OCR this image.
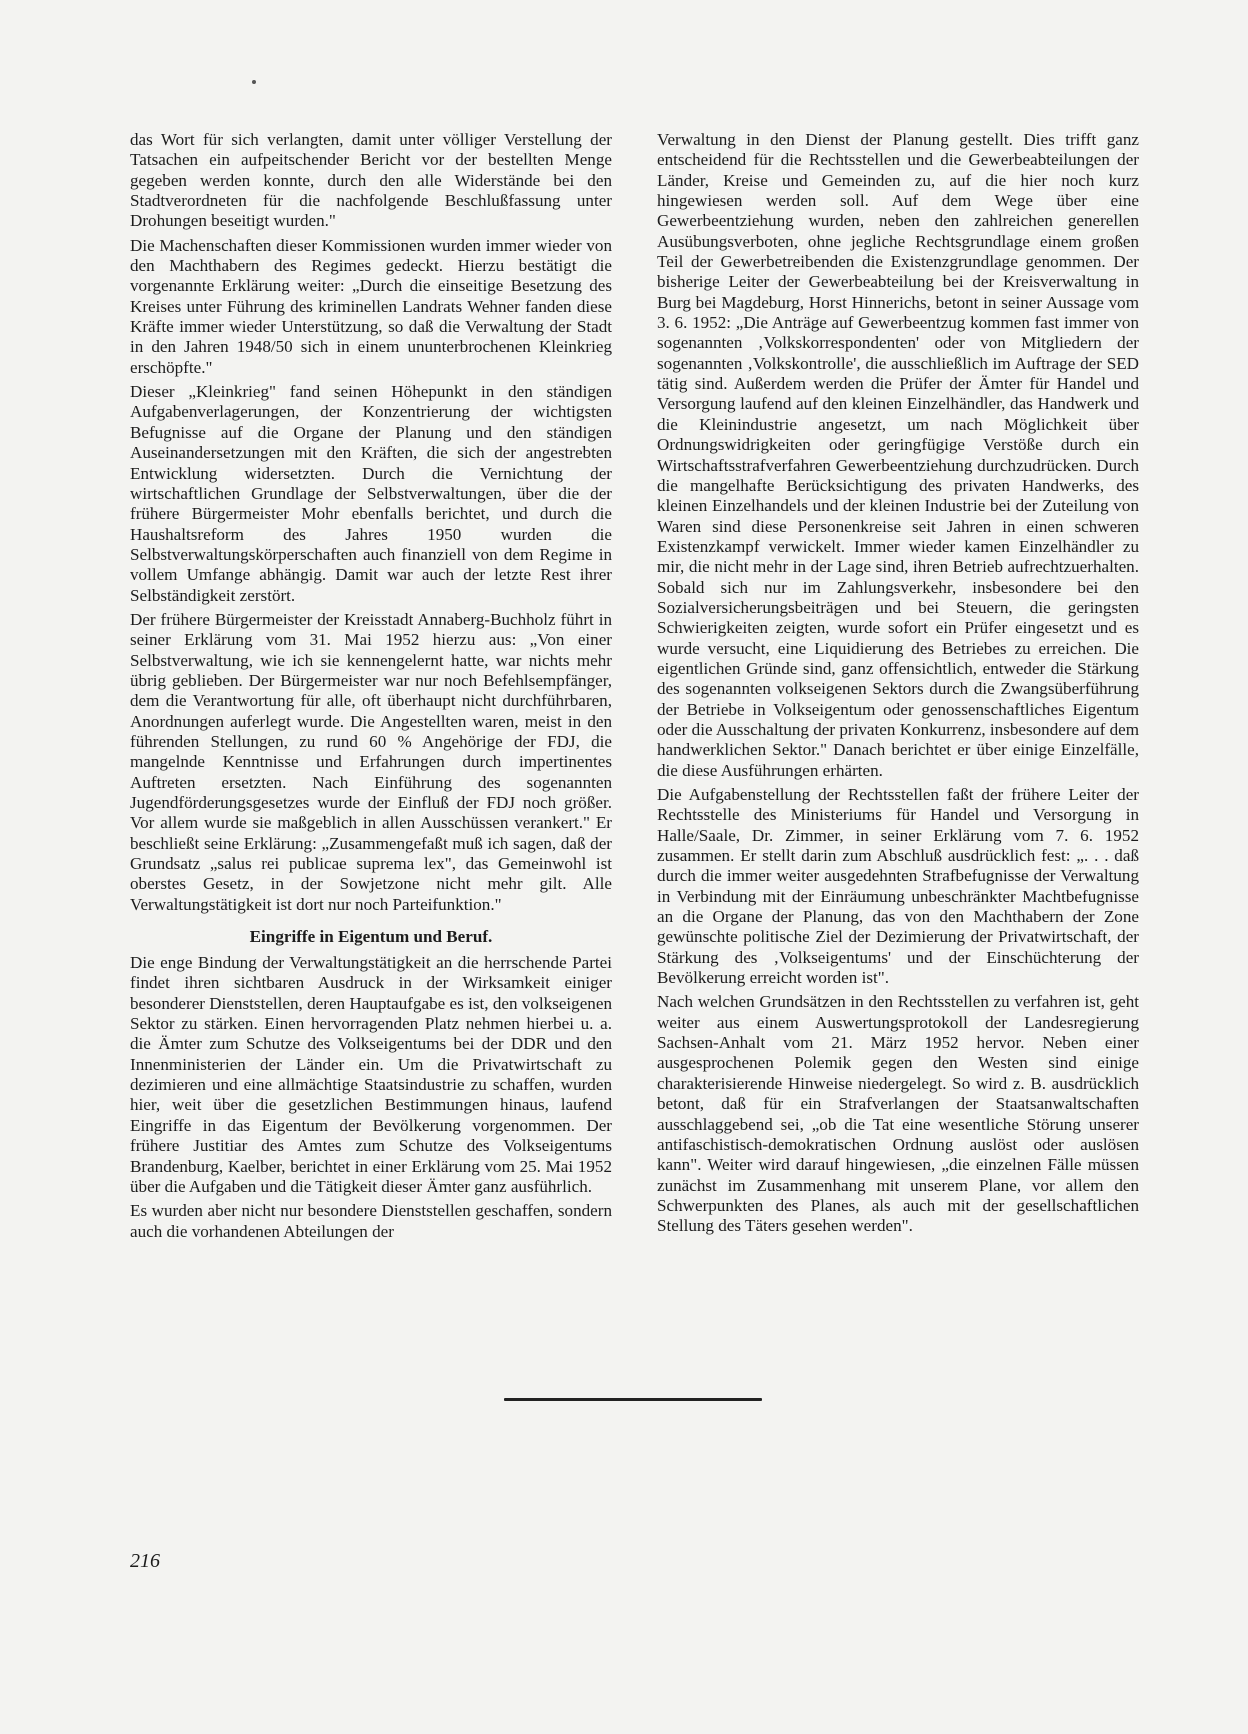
das Wort für sich verlangten, damit unter völliger Verstellung der Tatsachen ein aufpeitschender Bericht vor der bestellten Menge gegeben werden konnte, durch den alle Widerstände bei den Stadtverordneten für die nachfolgende Beschlußfassung unter Drohungen beseitigt wurden."

Die Machenschaften dieser Kommissionen wurden immer wieder von den Machthabern des Regimes gedeckt. Hierzu bestätigt die vorgenannte Erklärung weiter: „Durch die einseitige Besetzung des Kreises unter Führung des kriminellen Landrats Wehner fanden diese Kräfte immer wieder Unterstützung, so daß die Verwaltung der Stadt in den Jahren 1948/50 sich in einem ununterbrochenen Kleinkrieg erschöpfte."

Dieser „Kleinkrieg" fand seinen Höhepunkt in den ständigen Aufgabenverlagerungen, der Konzentrierung der wichtigsten Befugnisse auf die Organe der Planung und den ständigen Auseinandersetzungen mit den Kräften, die sich der angestrebten Entwicklung widersetzten. Durch die Vernichtung der wirtschaftlichen Grundlage der Selbstverwaltungen, über die der frühere Bürgermeister Mohr ebenfalls berichtet, und durch die Haushaltsreform des Jahres 1950 wurden die Selbstverwaltungskörperschaften auch finanziell von dem Regime in vollem Umfange abhängig. Damit war auch der letzte Rest ihrer Selbständigkeit zerstört.

Der frühere Bürgermeister der Kreisstadt Annaberg-Buchholz führt in seiner Erklärung vom 31. Mai 1952 hierzu aus: „Von einer Selbstverwaltung, wie ich sie kennengelernt hatte, war nichts mehr übrig geblieben. Der Bürgermeister war nur noch Befehlsempfänger, dem die Verantwortung für alle, oft überhaupt nicht durchführbaren, Anordnungen auferlegt wurde. Die Angestellten waren, meist in den führenden Stellungen, zu rund 60 % Angehörige der FDJ, die mangelnde Kenntnisse und Erfahrungen durch impertinentes Auftreten ersetzten. Nach Einführung des sogenannten Jugendförderungsgesetzes wurde der Einfluß der FDJ noch größer. Vor allem wurde sie maßgeblich in allen Ausschüssen verankert." Er beschließt seine Erklärung: „Zusammengefaßt muß ich sagen, daß der Grundsatz „salus rei publicae suprema lex", das Gemeinwohl ist oberstes Gesetz, in der Sowjetzone nicht mehr gilt. Alle Verwaltungstätigkeit ist dort nur noch Parteifunktion."

Eingriffe in Eigentum und Beruf.

Die enge Bindung der Verwaltungstätigkeit an die herrschende Partei findet ihren sichtbaren Ausdruck in der Wirksamkeit einiger besonderer Dienststellen, deren Hauptaufgabe es ist, den volkseigenen Sektor zu stärken. Einen hervorragenden Platz nehmen hierbei u. a. die Ämter zum Schutze des Volkseigentums bei der DDR und den Innenministerien der Länder ein. Um die Privatwirtschaft zu dezimieren und eine allmächtige Staatsindustrie zu schaffen, wurden hier, weit über die gesetzlichen Bestimmungen hinaus, laufend Eingriffe in das Eigentum der Bevölkerung vorgenommen. Der frühere Justitiar des Amtes zum Schutze des Volkseigentums Brandenburg, Kaelber, berichtet in einer Erklärung vom 25. Mai 1952 über die Aufgaben und die Tätigkeit dieser Ämter ganz ausführlich.

Es wurden aber nicht nur besondere Dienststellen geschaffen, sondern auch die vorhandenen Abteilungen der

Verwaltung in den Dienst der Planung gestellt. Dies trifft ganz entscheidend für die Rechtsstellen und die Gewerbeabteilungen der Länder, Kreise und Gemeinden zu, auf die hier noch kurz hingewiesen werden soll. Auf dem Wege über eine Gewerbeentziehung wurden, neben den zahlreichen generellen Ausübungsverboten, ohne jegliche Rechtsgrundlage einem großen Teil der Gewerbetreibenden die Existenzgrundlage genommen. Der bisherige Leiter der Gewerbeabteilung bei der Kreisverwaltung in Burg bei Magdeburg, Horst Hinnerichs, betont in seiner Aussage vom 3. 6. 1952: „Die Anträge auf Gewerbeentzug kommen fast immer von sogenannten ‚Volkskorrespondenten' oder von Mitgliedern der sogenannten ‚Volkskontrolle', die ausschließlich im Auftrage der SED tätig sind. Außerdem werden die Prüfer der Ämter für Handel und Versorgung laufend auf den kleinen Einzelhändler, das Handwerk und die Kleinindustrie angesetzt, um nach Möglichkeit über Ordnungswidrigkeiten oder geringfügige Verstöße durch ein Wirtschaftsstrafverfahren Gewerbeentziehung durchzudrücken. Durch die mangelhafte Berücksichtigung des privaten Handwerks, des kleinen Einzelhandels und der kleinen Industrie bei der Zuteilung von Waren sind diese Personenkreise seit Jahren in einen schweren Existenzkampf verwickelt. Immer wieder kamen Einzelhändler zu mir, die nicht mehr in der Lage sind, ihren Betrieb aufrechtzuerhalten. Sobald sich nur im Zahlungsverkehr, insbesondere bei den Sozialversicherungsbeiträgen und bei Steuern, die geringsten Schwierigkeiten zeigten, wurde sofort ein Prüfer eingesetzt und es wurde versucht, eine Liquidierung des Betriebes zu erreichen. Die eigentlichen Gründe sind, ganz offensichtlich, entweder die Stärkung des sogenannten volkseigenen Sektors durch die Zwangsüberführung der Betriebe in Volkseigentum oder genossenschaftliches Eigentum oder die Ausschaltung der privaten Konkurrenz, insbesondere auf dem handwerklichen Sektor." Danach berichtet er über einige Einzelfälle, die diese Ausführungen erhärten.

Die Aufgabenstellung der Rechtsstellen faßt der frühere Leiter der Rechtsstelle des Ministeriums für Handel und Versorgung in Halle/Saale, Dr. Zimmer, in seiner Erklärung vom 7. 6. 1952 zusammen. Er stellt darin zum Abschluß ausdrücklich fest: „. . . daß durch die immer weiter ausgedehnten Strafbefugnisse der Verwaltung in Verbindung mit der Einräumung unbeschränkter Machtbefugnisse an die Organe der Planung, das von den Machthabern der Zone gewünschte politische Ziel der Dezimierung der Privatwirtschaft, der Stärkung des ‚Volkseigentums' und der Einschüchterung der Bevölkerung erreicht worden ist".

Nach welchen Grundsätzen in den Rechtsstellen zu verfahren ist, geht weiter aus einem Auswertungsprotokoll der Landesregierung Sachsen-Anhalt vom 21. März 1952 hervor. Neben einer ausgesprochenen Polemik gegen den Westen sind einige charakterisierende Hinweise niedergelegt. So wird z. B. ausdrücklich betont, daß für ein Strafverlangen der Staatsanwaltschaften ausschlaggebend sei, „ob die Tat eine wesentliche Störung unserer antifaschistisch-demokratischen Ordnung auslöst oder auslösen kann". Weiter wird darauf hingewiesen, „die einzelnen Fälle müssen zunächst im Zusammenhang mit unserem Plane, vor allem den Schwerpunkten des Planes, als auch mit der gesellschaftlichen Stellung des Täters gesehen werden".

216
